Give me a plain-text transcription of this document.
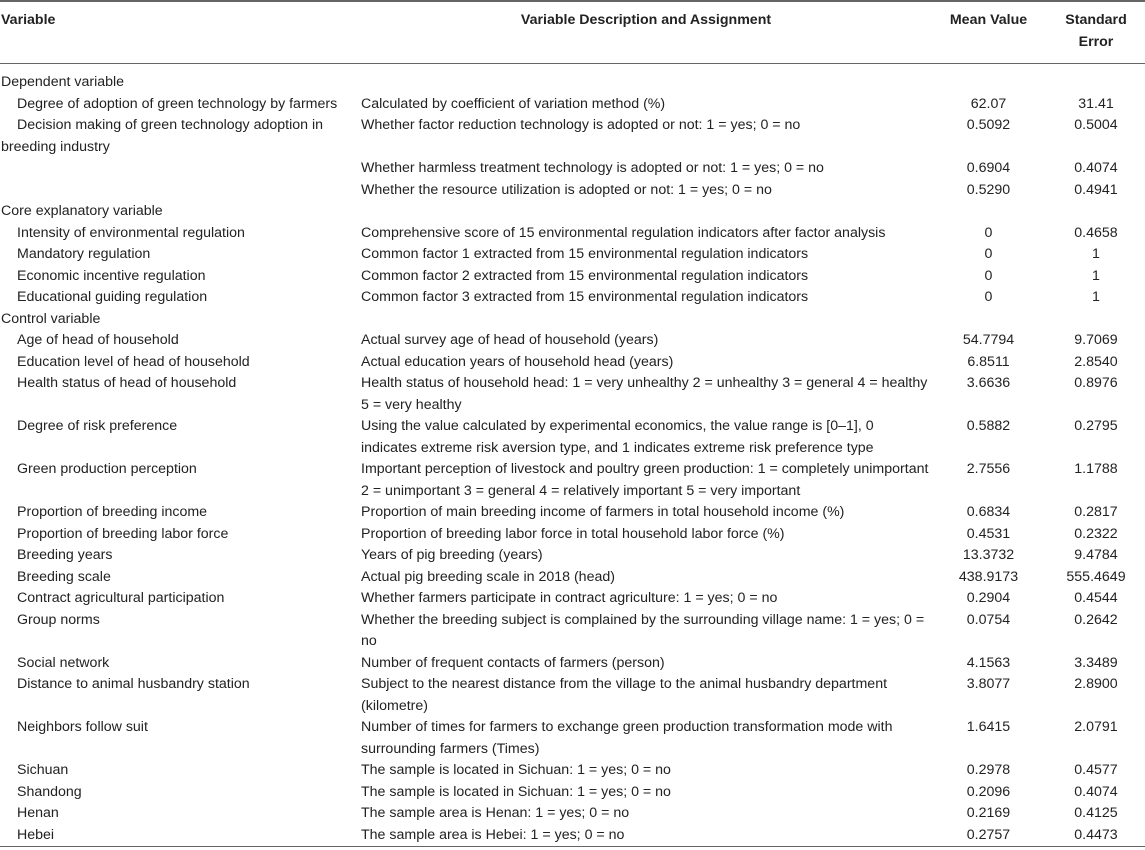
Variable	Variable Description and Assignment	Mean Value	Standard Error

Dependent variable			
Degree of adoption of green technology by farmers	Calculated by coefficient of variation method (%)	62.07	31.41
Decision making of green technology adoption in breeding industry	Whether factor reduction technology is adopted or not: 1 = yes; 0 = no	0.5092	0.5004
	Whether harmless treatment technology is adopted or not: 1 = yes; 0 = no	0.6904	0.4074
	Whether the resource utilization is adopted or not: 1 = yes; 0 = no	0.5290	0.4941
Core explanatory variable			
Intensity of environmental regulation	Comprehensive score of 15 environmental regulation indicators after factor analysis	0	0.4658
Mandatory regulation	Common factor 1 extracted from 15 environmental regulation indicators	0	1
Economic incentive regulation	Common factor 2 extracted from 15 environmental regulation indicators	0	1
Educational guiding regulation	Common factor 3 extracted from 15 environmental regulation indicators	0	1
Control variable			
Age of head of household	Actual survey age of head of household (years)	54.7794	9.7069
Education level of head of household	Actual education years of household head (years)	6.8511	2.8540
Health status of head of household	Health status of household head: 1 = very unhealthy 2 = unhealthy 3 = general 4 = healthy 5 = very healthy	3.6636	0.8976
Degree of risk preference	Using the value calculated by experimental economics, the value range is [0–1], 0 indicates extreme risk aversion type, and 1 indicates extreme risk preference type	0.5882	0.2795
Green production perception	Important perception of livestock and poultry green production: 1 = completely unimportant 2 = unimportant 3 = general 4 = relatively important 5 = very important	2.7556	1.1788
Proportion of breeding income	Proportion of main breeding income of farmers in total household income (%)	0.6834	0.2817
Proportion of breeding labor force	Proportion of breeding labor force in total household labor force (%)	0.4531	0.2322
Breeding years	Years of pig breeding (years)	13.3732	9.4784
Breeding scale	Actual pig breeding scale in 2018 (head)	438.9173	555.4649
Contract agricultural participation	Whether farmers participate in contract agriculture: 1 = yes; 0 = no	0.2904	0.4544
Group norms	Whether the breeding subject is complained by the surrounding village name: 1 = yes; 0 = no	0.0754	0.2642
Social network	Number of frequent contacts of farmers (person)	4.1563	3.3489
Distance to animal husbandry station	Subject to the nearest distance from the village to the animal husbandry department (kilometre)	3.8077	2.8900
Neighbors follow suit	Number of times for farmers to exchange green production transformation mode with surrounding farmers (Times)	1.6415	2.0791
Sichuan	The sample is located in Sichuan: 1 = yes; 0 = no	0.2978	0.4577
Shandong	The sample is located in Sichuan: 1 = yes; 0 = no	0.2096	0.4074
Henan	The sample area is Henan: 1 = yes; 0 = no	0.2169	0.4125
Hebei	The sample area is Hebei: 1 = yes; 0 = no	0.2757	0.4473
